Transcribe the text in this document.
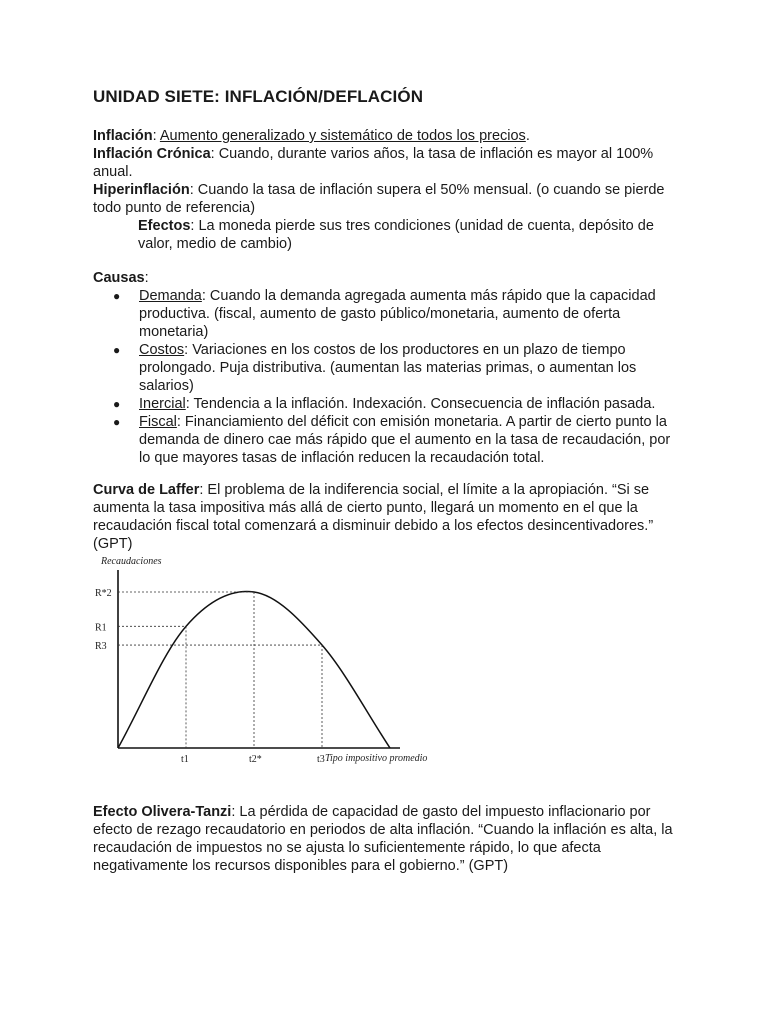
UNIDAD SIETE: INFLACIÓN/DEFLACIÓN

Inflación: Aumento generalizado y sistemático de todos los precios.

Inflación Crónica: Cuando, durante varios años, la tasa de inflación es mayor al 100% anual.

Hiperinflación: Cuando la tasa de inflación supera el 50% mensual. (o cuando se pierde todo punto de referencia)

Efectos: La moneda pierde sus tres condiciones (unidad de cuenta, depósito de valor, medio de cambio)

Causas:

● Demanda: Cuando la demanda agregada aumenta más rápido que la capacidad productiva. (fiscal, aumento de gasto público/monetaria, aumento de oferta monetaria)
● Costos: Variaciones en los costos de los productores en un plazo de tiempo prolongado. Puja distributiva. (aumentan las materias primas, o aumentan los salarios)
● Inercial: Tendencia a la inflación. Indexación. Consecuencia de inflación pasada.
● Fiscal: Financiamiento del déficit con emisión monetaria. A partir de cierto punto la demanda de dinero cae más rápido que el aumento en la tasa de recaudación, por lo que mayores tasas de inflación reducen la recaudación total.

Curva de Laffer: El problema de la indiferencia social, el límite a la apropiación. “Si se aumenta la tasa impositiva más allá de cierto punto, llegará un momento en el que la recaudación fiscal total comenzará a disminuir debido a los efectos desincentivadores.” (GPT)

Efecto Olivera-Tanzi: La pérdida de capacidad de gasto del impuesto inflacionario por efecto de rezago recaudatorio en periodos de alta inflación. “Cuando la inflación es alta, la recaudación de impuestos no se ajusta lo suficientemente rápido, lo que afecta negativamente los recursos disponibles para el gobierno.” (GPT)

Recaudaciones
Tipo impositivo promedio
t1
R1
t2*
R*2
t3
R3
